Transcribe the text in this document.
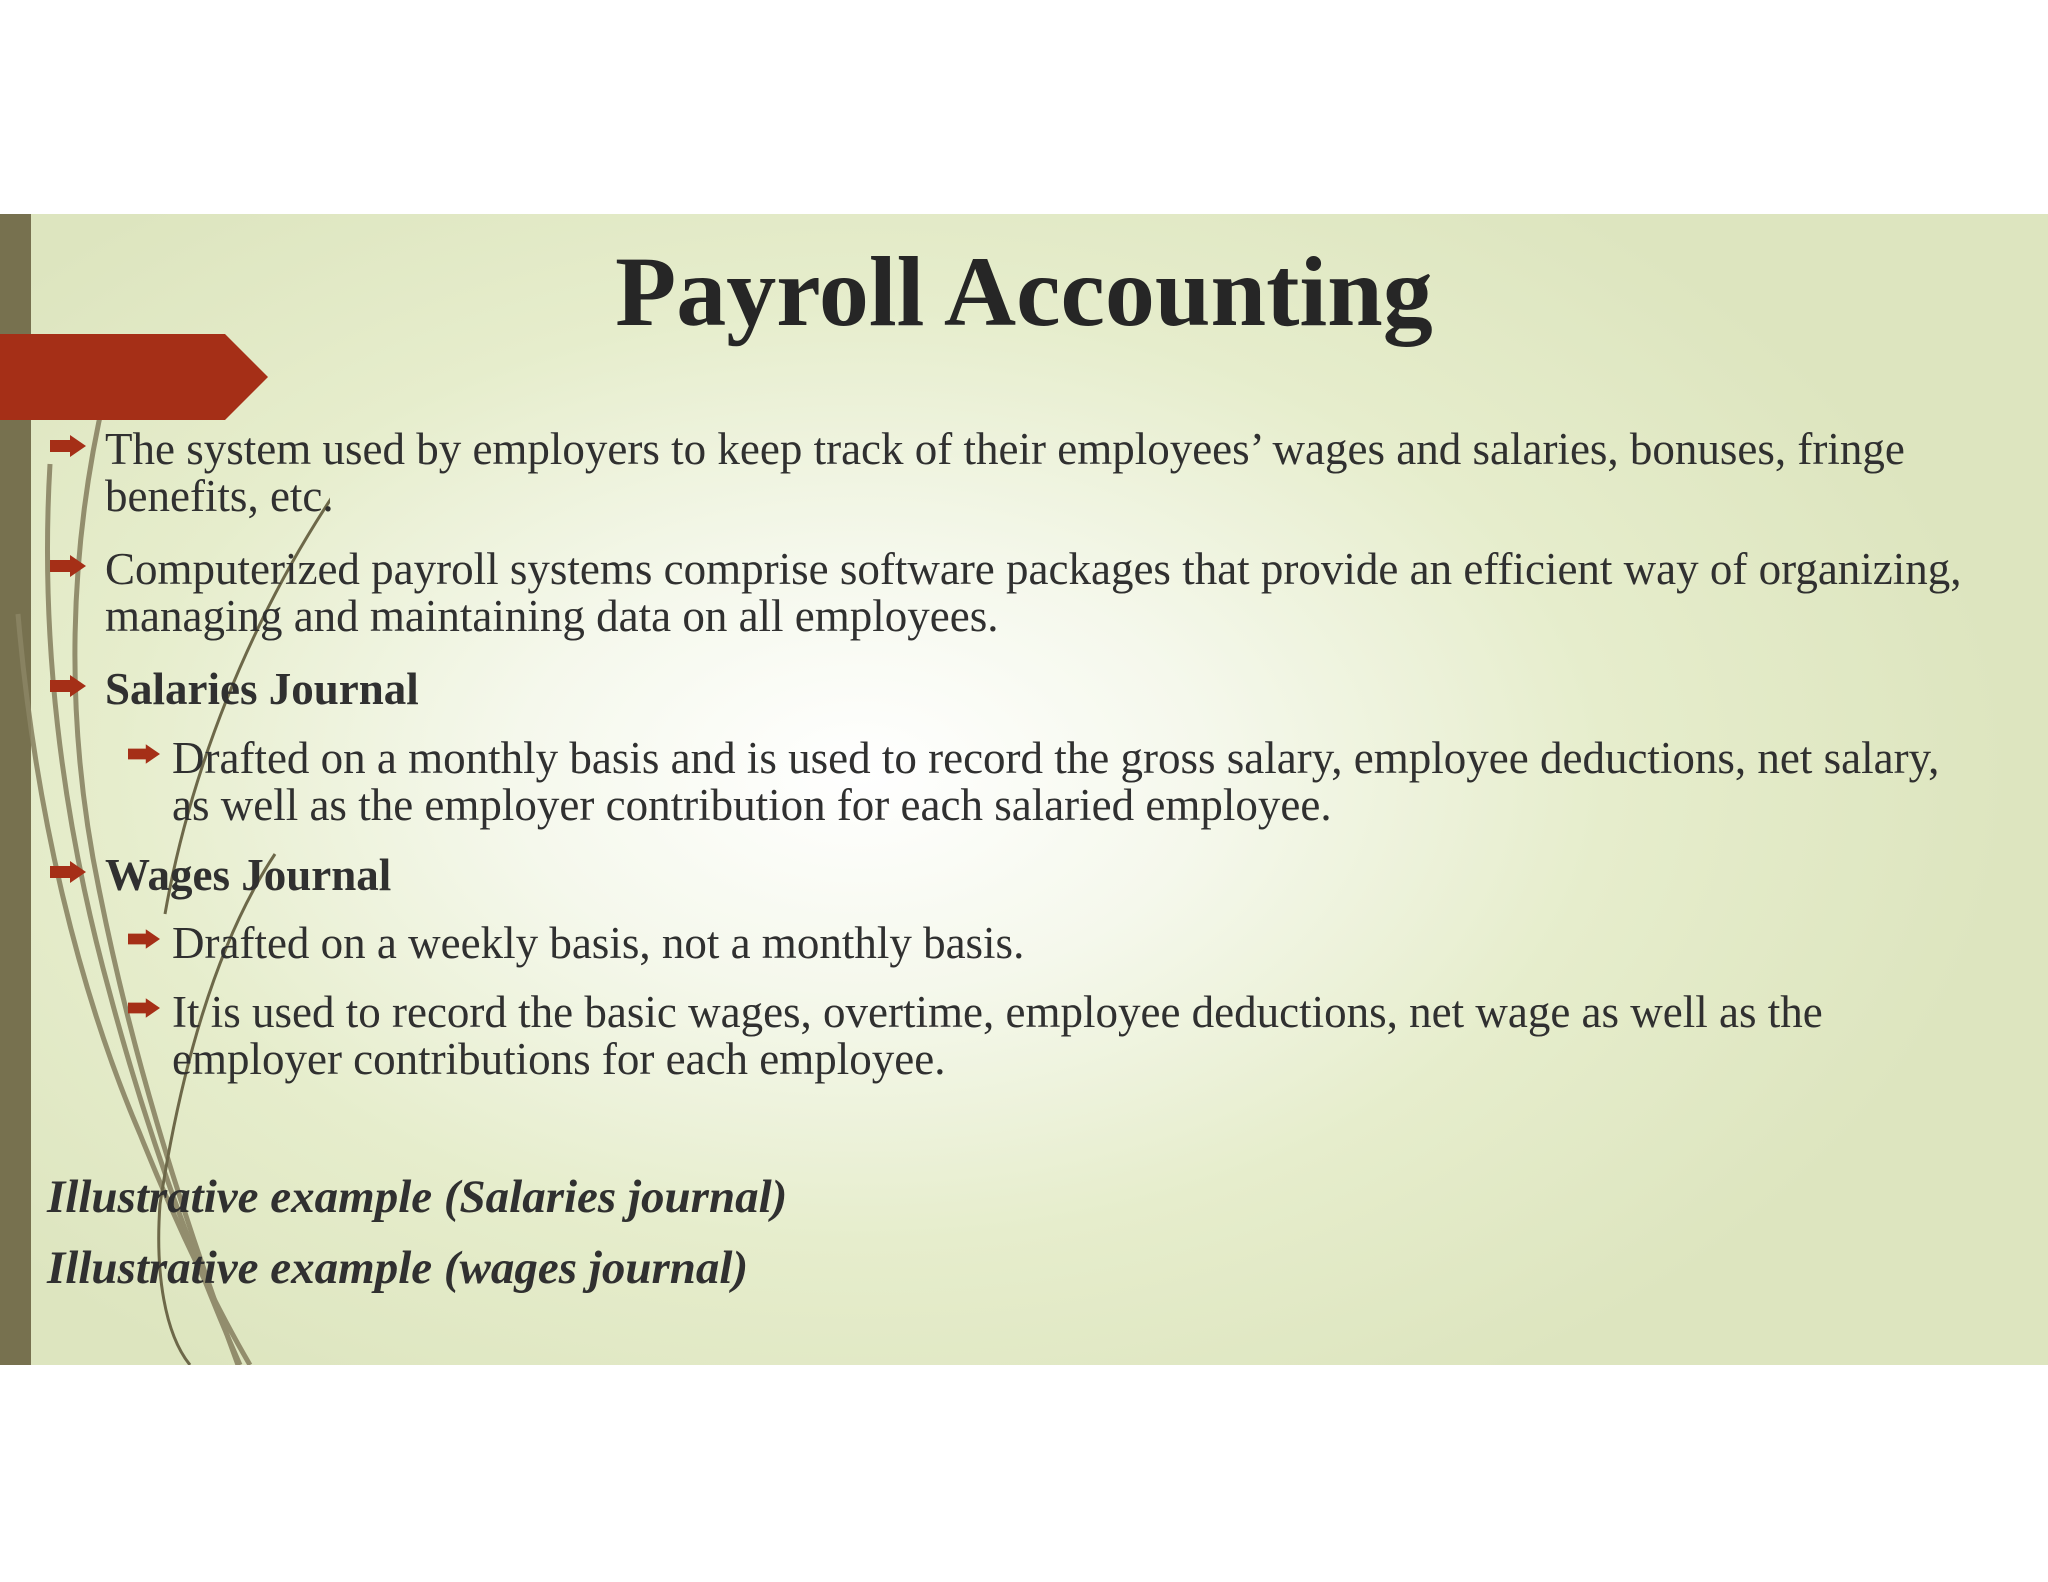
Payroll Accounting
The system used by employers to keep track of their employees’ wages and salaries, bonuses, fringe benefits, etc.
Computerized payroll systems comprise software packages that provide an efficient way of organizing, managing and maintaining data on all employees.
Salaries Journal
Drafted on a monthly basis and is used to record the gross salary, employee deductions, net salary, as well as the employer contribution for each salaried employee.
Wages Journal
Drafted on a weekly basis, not a monthly basis.
It is used to record the basic wages, overtime, employee deductions, net wage as well as the employer contributions for each employee.
Illustrative example (Salaries journal)
Illustrative example (wages journal)
